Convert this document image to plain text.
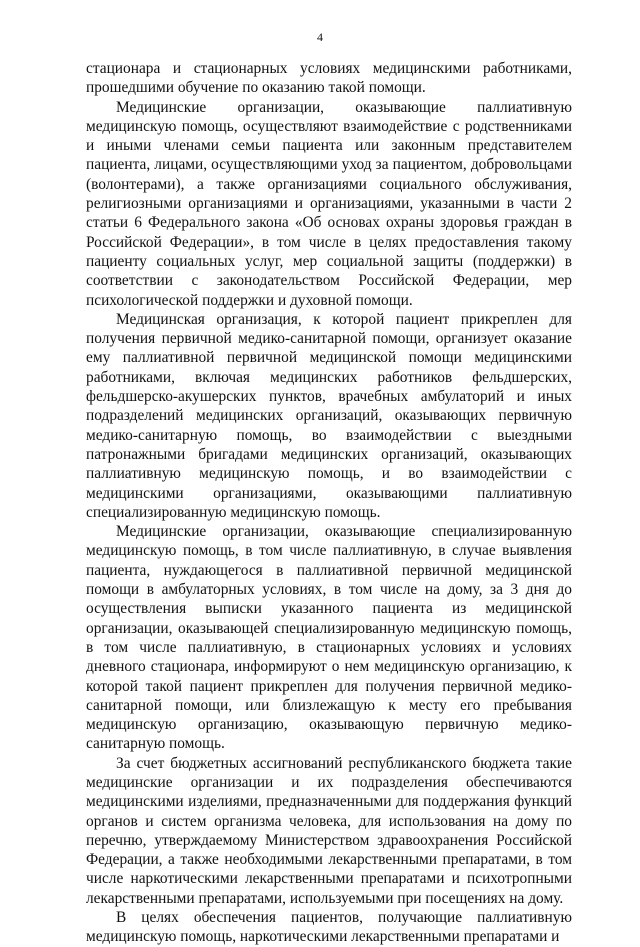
4

стационара и стационарных условиях медицинскими работниками, прошедшими обучение по оказанию такой помощи.

Медицинские организации, оказывающие паллиативную медицинскую помощь, осуществляют взаимодействие с родственниками и иными членами семьи пациента или законным представителем пациента, лицами, осуществляющими уход за пациентом, добровольцами (волонтерами), а также организациями социального обслуживания, религиозными организациями и организациями, указанными в части 2 статьи 6 Федерального закона «Об основах охраны здоровья граждан в Российской Федерации», в том числе в целях предоставления такому пациенту социальных услуг, мер социальной защиты (поддержки) в соответствии с законодательством Российской Федерации, мер психологической поддержки и духовной помощи.

Медицинская организация, к которой пациент прикреплен для получения первичной медико-санитарной помощи, организует оказание ему паллиативной первичной медицинской помощи медицинскими работниками, включая медицинских работников фельдшерских, фельдшерско-акушерских пунктов, врачебных амбулаторий и иных подразделений медицинских организаций, оказывающих первичную медико-санитарную помощь, во взаимодействии с выездными патронажными бригадами медицинских организаций, оказывающих паллиативную медицинскую помощь, и во взаимодействии с медицинскими организациями, оказывающими паллиативную специализированную медицинскую помощь.

Медицинские организации, оказывающие специализированную медицинскую помощь, в том числе паллиативную, в случае выявления пациента, нуждающегося в паллиативной первичной медицинской помощи в амбулаторных условиях, в том числе на дому, за 3 дня до осуществления выписки указанного пациента из медицинской организации, оказывающей специализированную медицинскую помощь, в том числе паллиативную, в стационарных условиях и условиях дневного стационара, информируют о нем медицинскую организацию, к которой такой пациент прикреплен для получения первичной медико-санитарной помощи, или близлежащую к месту его пребывания медицинскую организацию, оказывающую первичную медико-санитарную помощь.

За счет бюджетных ассигнований республиканского бюджета такие медицинские организации и их подразделения обеспечиваются медицинскими изделиями, предназначенными для поддержания функций органов и систем организма человека, для использования на дому по перечню, утверждаемому Министерством здравоохранения Российской Федерации, а также необходимыми лекарственными препаратами, в том числе наркотическими лекарственными препаратами и психотропными лекарственными препаратами, используемыми при посещениях на дому.

В целях обеспечения пациентов, получающие паллиативную медицинскую помощь, наркотическими лекарственными препаратами и
